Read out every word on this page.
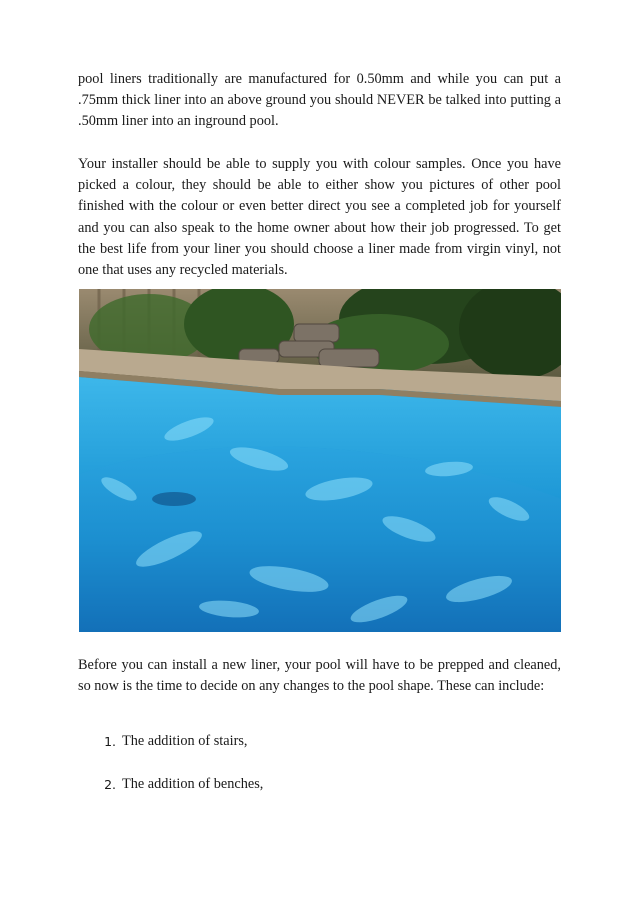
pool liners traditionally are manufactured for 0.50mm and while you can put a .75mm thick liner into an above ground you should NEVER be talked into putting a .50mm liner into an inground pool.

Your installer should be able to supply you with colour samples. Once you have picked a colour, they should be able to either show you pictures of other pool finished with the colour or even better direct you see a completed job for yourself and you can also speak to the home owner about how their job progressed. To get the best life from your liner you should choose a liner made from virgin vinyl, not one that uses any recycled materials.

Before you can install a new liner, your pool will have to be prepped and cleaned, so now is the time to decide on any changes to the pool shape. These can include:

1. The addition of stairs,
2. The addition of benches,
